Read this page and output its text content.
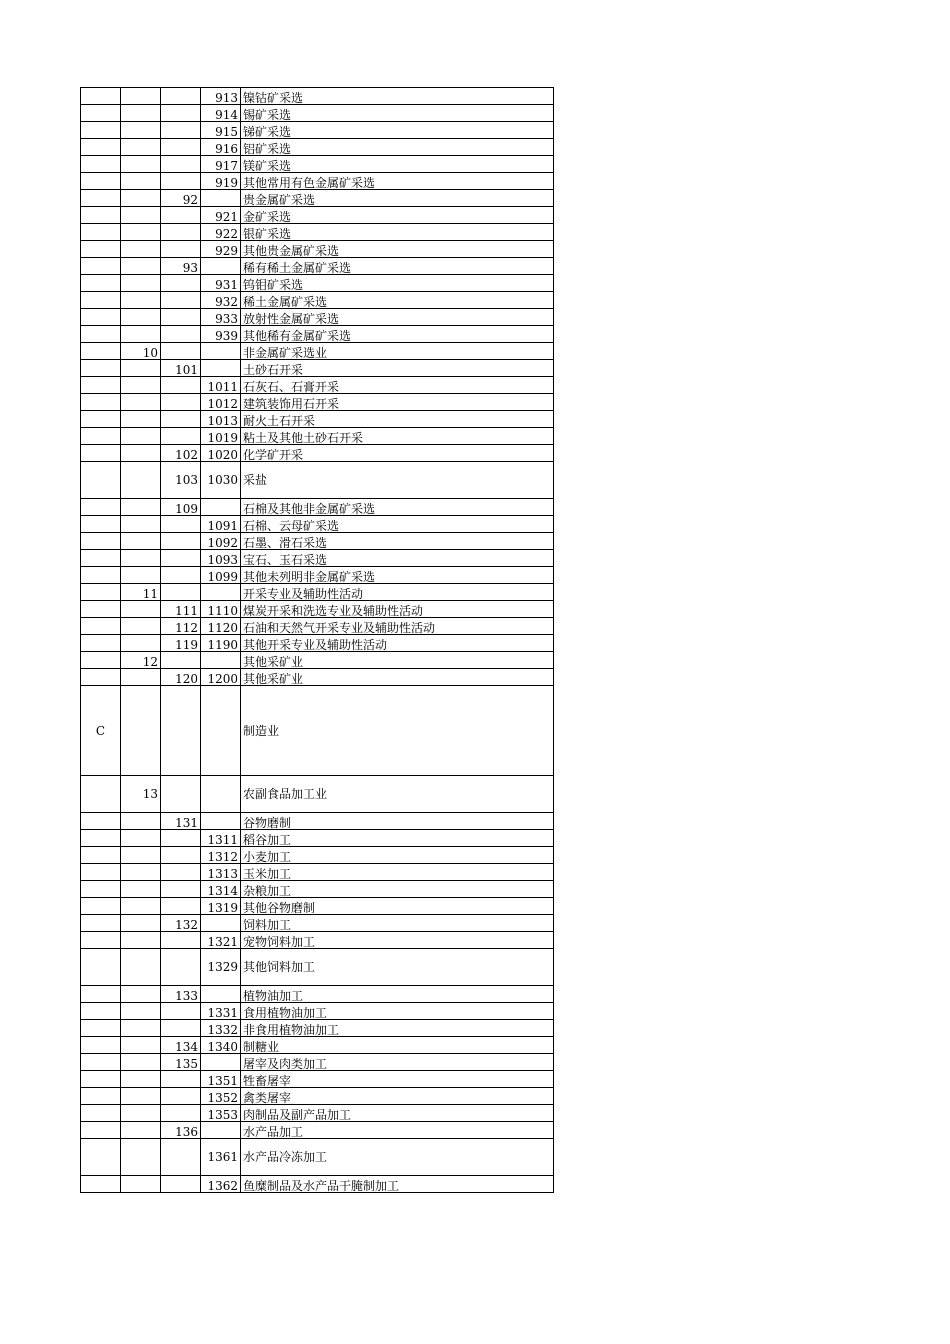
			913	镍钴矿采选
			914	锡矿采选
			915	锑矿采选
			916	铝矿采选
			917	镁矿采选
			919	其他常用有色金属矿采选
		92		贵金属矿采选
			921	金矿采选
			922	银矿采选
			929	其他贵金属矿采选
		93		稀有稀土金属矿采选
			931	钨钼矿采选
			932	稀土金属矿采选
			933	放射性金属矿采选
			939	其他稀有金属矿采选
	10			非金属矿采选业
		101		土砂石开采
			1011	石灰石、石膏开采
			1012	建筑装饰用石开采
			1013	耐火土石开采
			1019	粘土及其他土砂石开采
		102	1020	化学矿开采
		103	1030	采盐
		109		石棉及其他非金属矿采选
			1091	石棉、云母矿采选
			1092	石墨、滑石采选
			1093	宝石、玉石采选
			1099	其他未列明非金属矿采选
	11			开采专业及辅助性活动
		111	1110	煤炭开采和洗选专业及辅助性活动
		112	1120	石油和天然气开采专业及辅助性活动
		119	1190	其他开采专业及辅助性活动
	12			其他采矿业
		120	1200	其他采矿业
C				制造业
	13			农副食品加工业
		131		谷物磨制
			1311	稻谷加工
			1312	小麦加工
			1313	玉米加工
			1314	杂粮加工
			1319	其他谷物磨制
		132		饲料加工
			1321	宠物饲料加工
			1329	其他饲料加工
		133		植物油加工
			1331	食用植物油加工
			1332	非食用植物油加工
		134	1340	制糖业
		135		屠宰及肉类加工
			1351	牲畜屠宰
			1352	禽类屠宰
			1353	肉制品及副产品加工
		136		水产品加工
			1361	水产品冷冻加工
			1362	鱼糜制品及水产品干腌制加工
